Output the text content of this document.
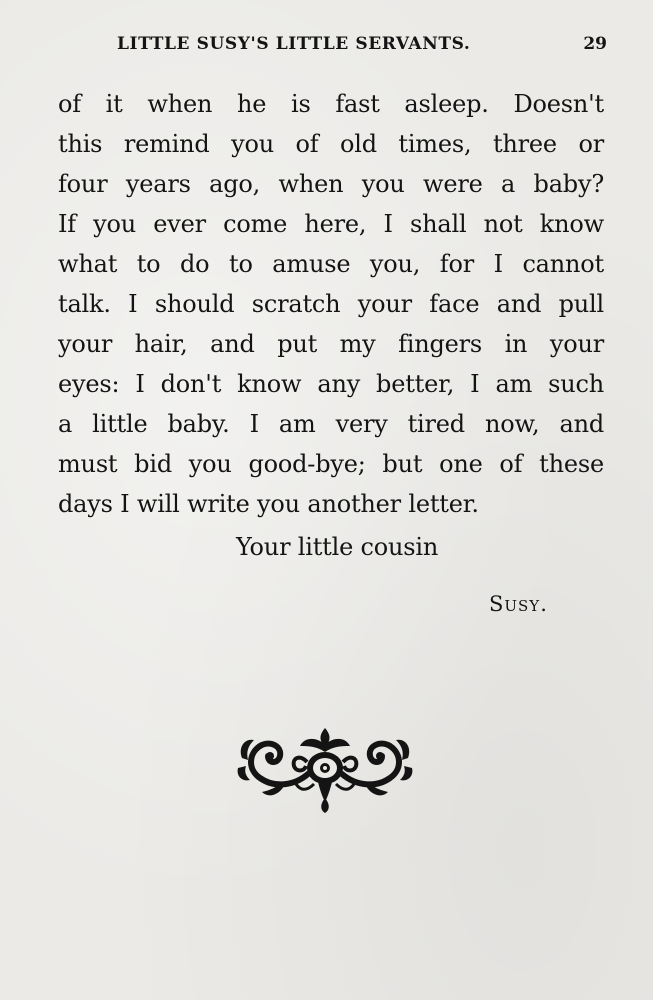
LITTLE SUSY'S LITTLE SERVANTS.	29
of it when he is fast asleep. Doesn't
this remind you of old times, three or
four years ago, when you were a baby?
If you ever come here, I shall not know
what to do to amuse you, for I cannot
talk. I should scratch your face and pull
your hair, and put my fingers in your
eyes: I don't know any better, I am such
a little baby. I am very tired now, and
must bid you good-bye; but one of these
days I will write you another letter.
Your little cousin
Susy.
